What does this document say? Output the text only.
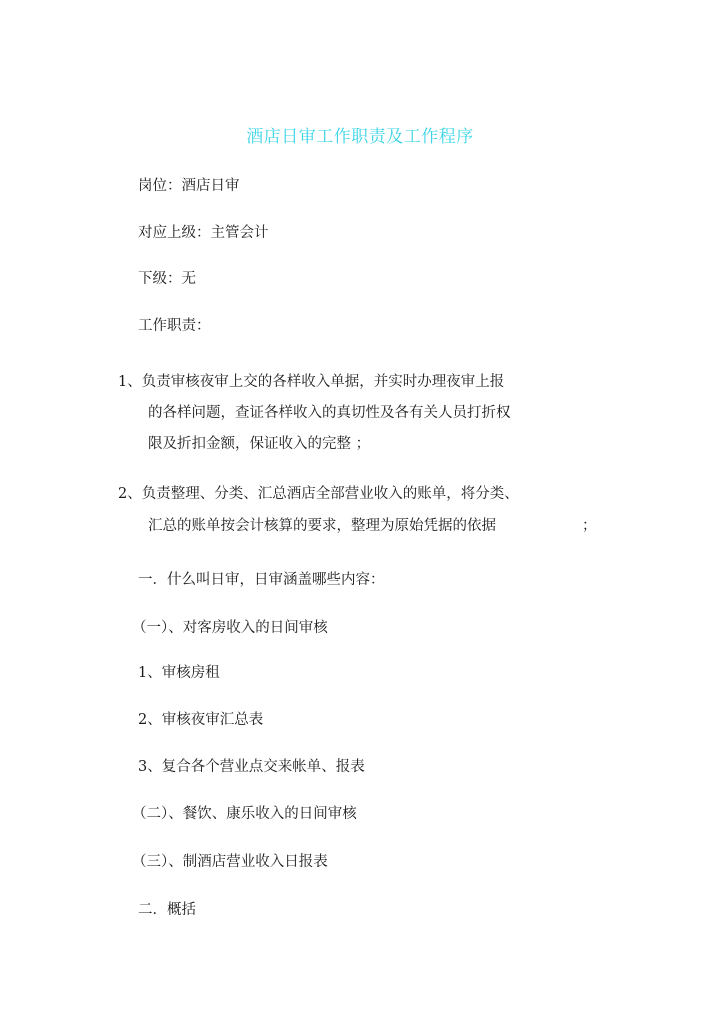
酒店日审工作职责及工作程序
岗位：酒店日审
对应上级：主管会计
下级：无
工作职责：
1、负责审核夜审上交的各样收入单据，并实时办理夜审上报
的各样问题，查证各样收入的真切性及各有关人员打折权
限及折扣金额，保证收入的完整 ；
2、负责整理、分类、汇总酒店全部营业收入的账单，将分类、
汇总的账单按会计核算的要求，整理为原始凭据的依据	；
一．什么叫日审，日审涵盖哪些内容：
（一）、对客房收入的日间审核
1、审核房租
2、审核夜审汇总表
3、复合各个营业点交来帐单、报表
（二）、餐饮、康乐收入的日间审核
（三）、制酒店营业收入日报表
二．概括
